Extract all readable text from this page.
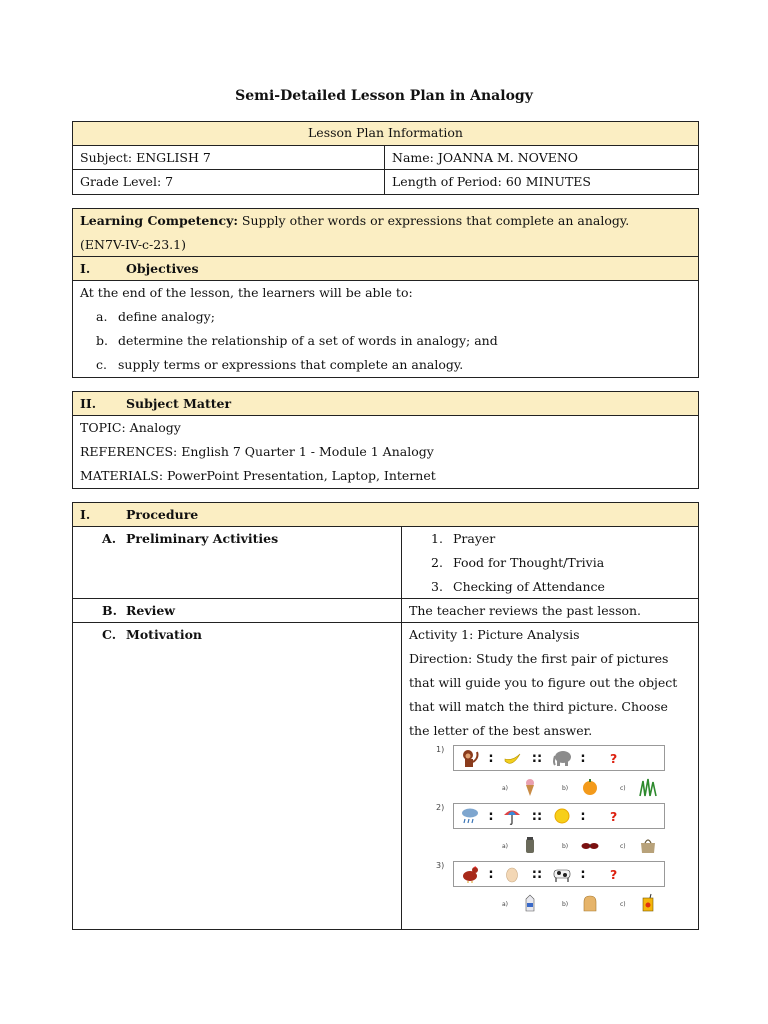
Semi-Detailed Lesson Plan in Analogy
Lesson Plan Information
Subject: ENGLISH 7	Name: JOANNA M. NOVENO
Grade Level: 7	Length of Period: 60 MINUTES
Learning Competency: Supply other words or expressions that complete an analogy.
(EN7V-IV-c-23.1)
I.	Objectives
At the end of the lesson, the learners will be able to:
a. define analogy;
b. determine the relationship of a set of words in analogy; and
c. supply terms or expressions that complete an analogy.
II. Subject Matter
TOPIC: Analogy
REFERENCES: English 7 Quarter 1 - Module 1 Analogy
MATERIALS: PowerPoint Presentation, Laptop, Internet
I.	Procedure
A. Preliminary Activities	1. Prayer
2. Food for Thought/Trivia
3. Checking of Attendance
B. Review	The teacher reviews the past lesson.
C. Motivation	Activity 1: Picture Analysis
Direction: Study the first pair of pictures
that will guide you to figure out the object
that will match the third picture. Choose
the letter of the best answer.
1)
:	::	:	?
a)	b)	c)
2)
:	::	:	?
a)	b)	c)
3)
:	::	:	?
a)	b)	c)
